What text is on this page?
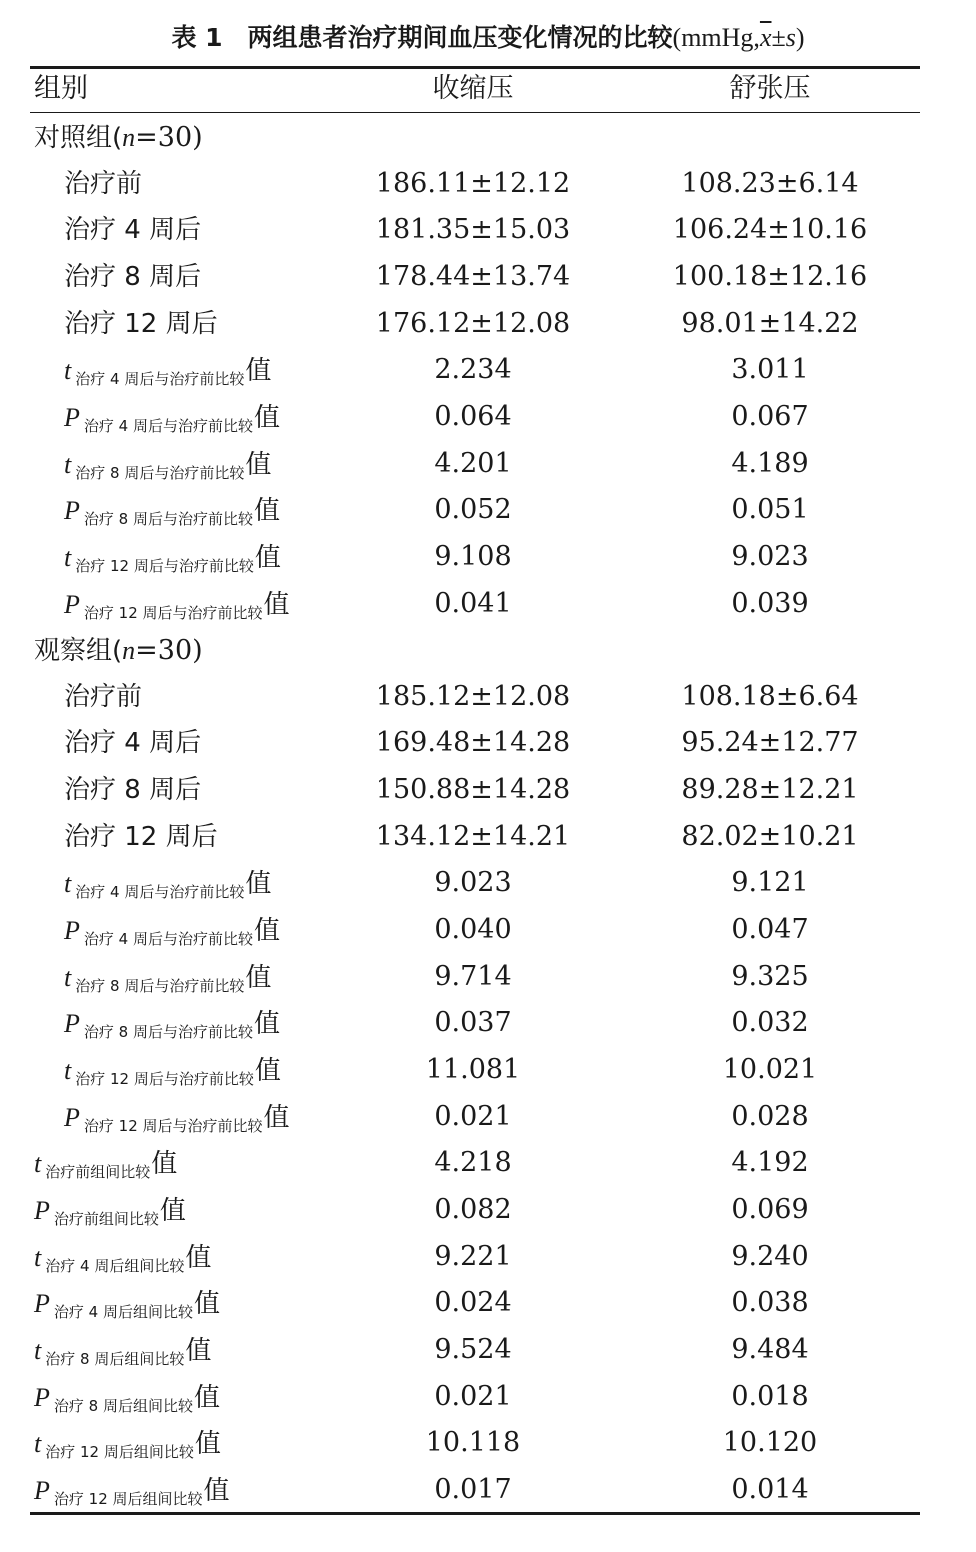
表 1　两组患者治疗期间血压变化情况的比较$(mmHg,\overline{x}\pm s)$
组别	收缩压	舒张压
对照组(n=30)
治疗前	186.11±12.12	108.23±6.14
治疗 4 周后	181.35±15.03	106.24±10.16
治疗 8 周后	178.44±13.74	100.18±12.16
治疗 12 周后	176.12±12.08	98.01±14.22
t治疗 4 周后与治疗前比较值	2.234	3.011
P治疗 4 周后与治疗前比较值	0.064	0.067
t治疗 8 周后与治疗前比较值	4.201	4.189
P治疗 8 周后与治疗前比较值	0.052	0.051
t治疗 12 周后与治疗前比较值	9.108	9.023
P治疗 12 周后与治疗前比较值	0.041	0.039
观察组(n=30)
治疗前	185.12±12.08	108.18±6.64
治疗 4 周后	169.48±14.28	95.24±12.77
治疗 8 周后	150.88±14.28	89.28±12.21
治疗 12 周后	134.12±14.21	82.02±10.21
t治疗 4 周后与治疗前比较值	9.023	9.121
P治疗 4 周后与治疗前比较值	0.040	0.047
t治疗 8 周后与治疗前比较值	9.714	9.325
P治疗 8 周后与治疗前比较值	0.037	0.032
t治疗 12 周后与治疗前比较值	11.081	10.021
P治疗 12 周后与治疗前比较值	0.021	0.028
t治疗前组间比较值	4.218	4.192
P治疗前组间比较值	0.082	0.069
t治疗 4 周后组间比较值	9.221	9.240
P治疗 4 周后组间比较值	0.024	0.038
t治疗 8 周后组间比较值	9.524	9.484
P治疗 8 周后组间比较值	0.021	0.018
t治疗 12 周后组间比较值	10.118	10.120
P治疗 12 周后组间比较值	0.017	0.014
